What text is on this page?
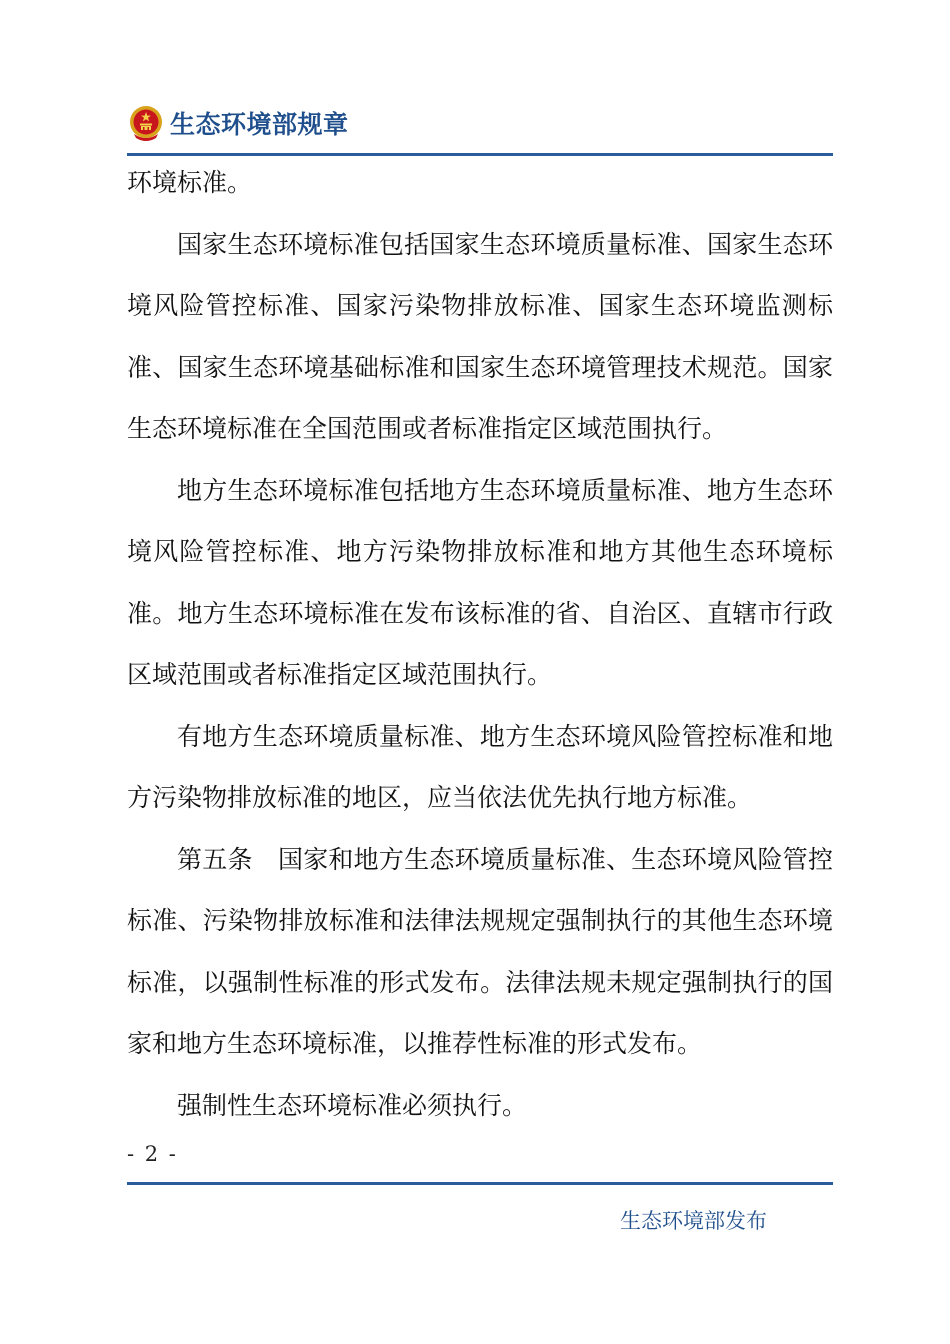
生态环境部规章

环境标准。

国家生态环境标准包括国家生态环境质量标准、国家生态环境风险管控标准、国家污染物排放标准、国家生态环境监测标准、国家生态环境基础标准和国家生态环境管理技术规范。国家生态环境标准在全国范围或者标准指定区域范围执行。

地方生态环境标准包括地方生态环境质量标准、地方生态环境风险管控标准、地方污染物排放标准和地方其他生态环境标准。地方生态环境标准在发布该标准的省、自治区、直辖市行政区域范围或者标准指定区域范围执行。

有地方生态环境质量标准、地方生态环境风险管控标准和地方污染物排放标准的地区，应当依法优先执行地方标准。

第五条　国家和地方生态环境质量标准、生态环境风险管控标准、污染物排放标准和法律法规规定强制执行的其他生态环境标准，以强制性标准的形式发布。法律法规未规定强制执行的国家和地方生态环境标准，以推荐性标准的形式发布。

强制性生态环境标准必须执行。

- 2 -
生态环境部发布
